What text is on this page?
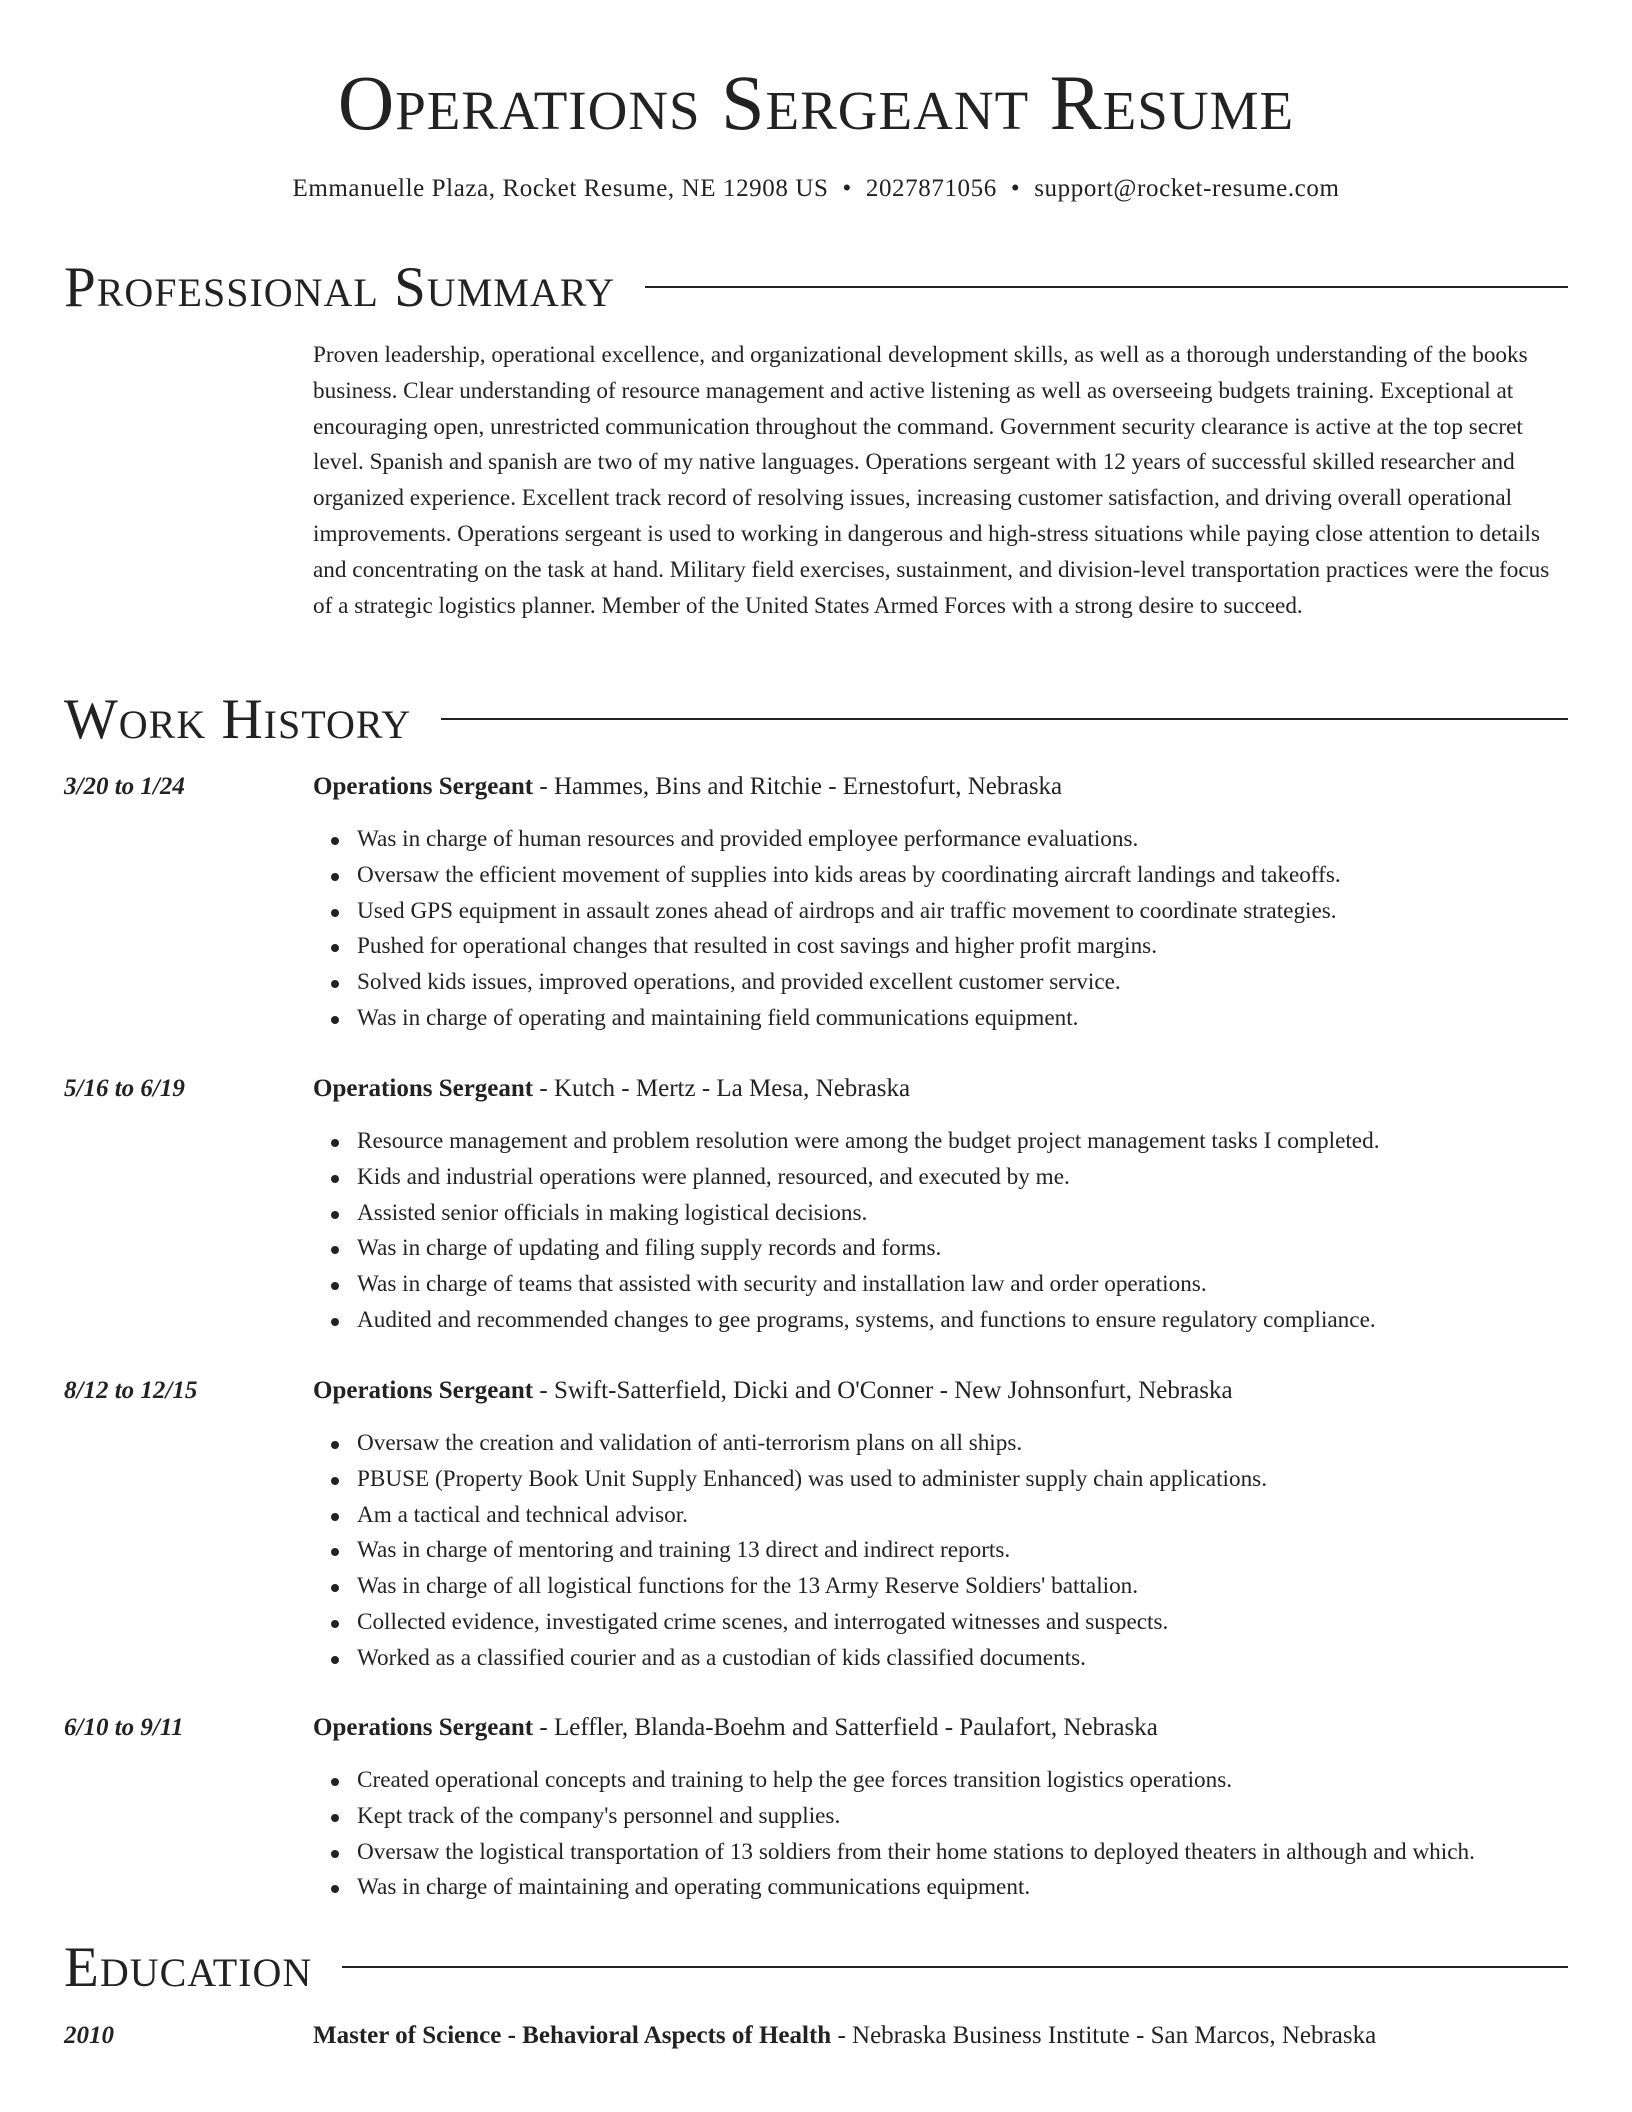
Operations Sergeant Resume
Emmanuelle Plaza, Rocket Resume, NE 12908 US • 2027871056 • support@rocket-resume.com
Professional Summary

Proven leadership, operational excellence, and organizational development skills, as well as a thorough understanding of the books business. Clear understanding of resource management and active listening as well as overseeing budgets training. Exceptional at encouraging open, unrestricted communication throughout the command. Government security clearance is active at the top secret level. Spanish and spanish are two of my native languages. Operations sergeant with 12 years of successful skilled researcher and organized experience. Excellent track record of resolving issues, increasing customer satisfaction, and driving overall operational improvements. Operations sergeant is used to working in dangerous and high-stress situations while paying close attention to details and concentrating on the task at hand. Military field exercises, sustainment, and division-level transportation practices were the focus of a strategic logistics planner. Member of the United States Armed Forces with a strong desire to succeed.

Work History
3/20 to 1/24	Operations Sergeant - Hammes, Bins and Ritchie - Ernestofurt, Nebraska
Was in charge of human resources and provided employee performance evaluations.
Oversaw the efficient movement of supplies into kids areas by coordinating aircraft landings and takeoffs.
Used GPS equipment in assault zones ahead of airdrops and air traffic movement to coordinate strategies.
Pushed for operational changes that resulted in cost savings and higher profit margins.
Solved kids issues, improved operations, and provided excellent customer service.
Was in charge of operating and maintaining field communications equipment.
5/16 to 6/19	Operations Sergeant - Kutch - Mertz - La Mesa, Nebraska
Resource management and problem resolution were among the budget project management tasks I completed.
Kids and industrial operations were planned, resourced, and executed by me.
Assisted senior officials in making logistical decisions.
Was in charge of updating and filing supply records and forms.
Was in charge of teams that assisted with security and installation law and order operations.
Audited and recommended changes to gee programs, systems, and functions to ensure regulatory compliance.
8/12 to 12/15	Operations Sergeant - Swift-Satterfield, Dicki and O'Conner - New Johnsonfurt, Nebraska
Oversaw the creation and validation of anti-terrorism plans on all ships.
PBUSE (Property Book Unit Supply Enhanced) was used to administer supply chain applications.
Am a tactical and technical advisor.
Was in charge of mentoring and training 13 direct and indirect reports.
Was in charge of all logistical functions for the 13 Army Reserve Soldiers' battalion.
Collected evidence, investigated crime scenes, and interrogated witnesses and suspects.
Worked as a classified courier and as a custodian of kids classified documents.
6/10 to 9/11	Operations Sergeant - Leffler, Blanda-Boehm and Satterfield - Paulafort, Nebraska
Created operational concepts and training to help the gee forces transition logistics operations.
Kept track of the company's personnel and supplies.
Oversaw the logistical transportation of 13 soldiers from their home stations to deployed theaters in although and which.
Was in charge of maintaining and operating communications equipment.
Education
2010	Master of Science - Behavioral Aspects of Health - Nebraska Business Institute - San Marcos, Nebraska
